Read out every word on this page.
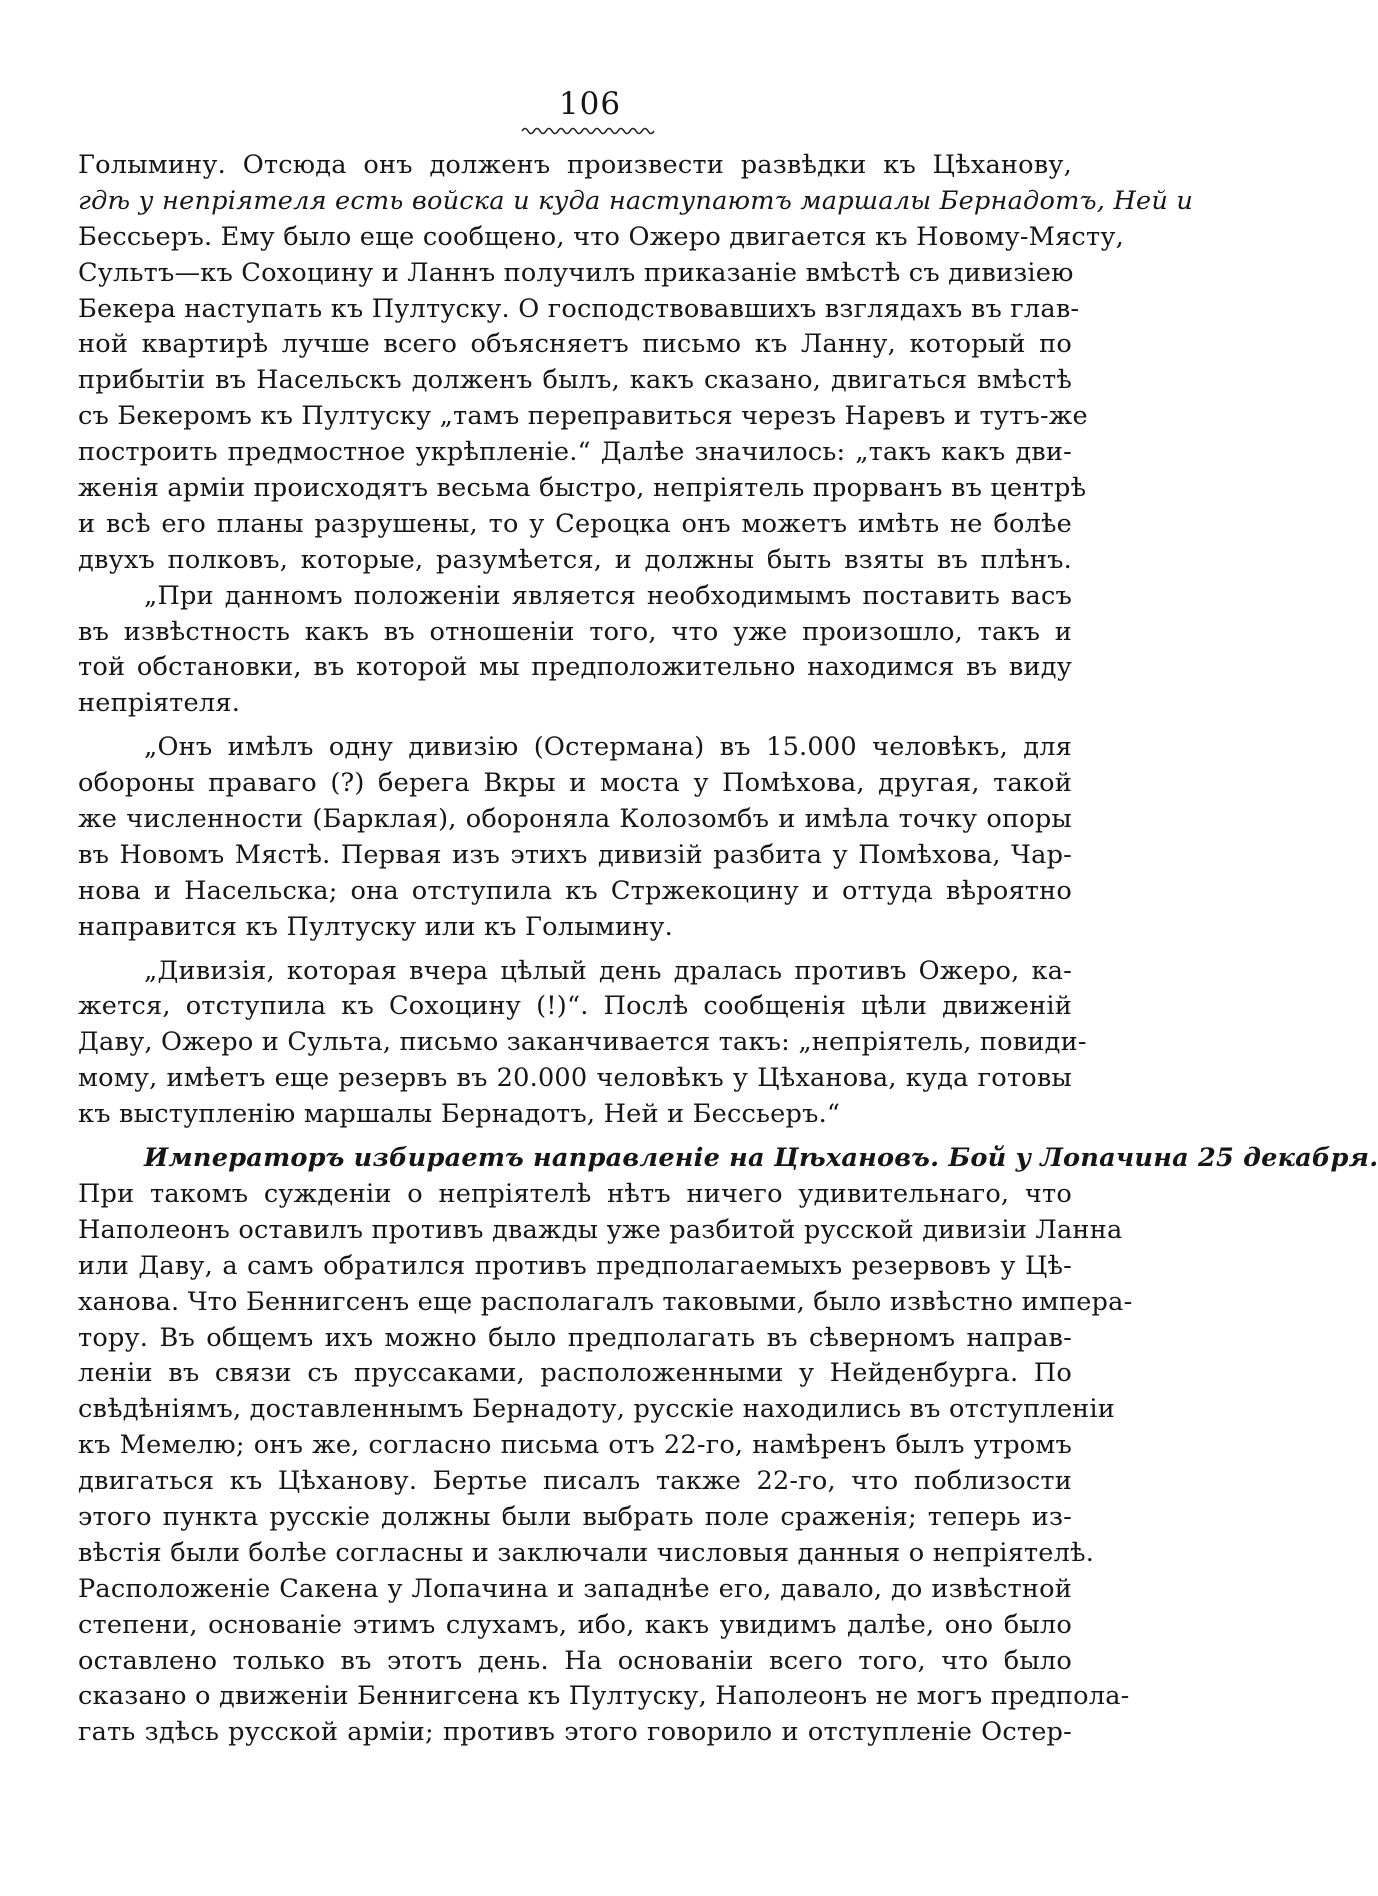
106
Голымину. Отсюда онъ долженъ произвести развѣдки къ Цѣханову,
гдѣ у непріятеля есть войска и куда наступаютъ маршалы Бернадотъ, Ней и
Бессьеръ. Ему было еще сообщено, что Ожеро двигается къ Новому-Мясту,
Сультъ—къ Сохоцину и Ланнъ получилъ приказаніе вмѣстѣ съ дивизіею
Бекера наступать къ Пултуску. О господствовавшихъ взглядахъ въ глав-
ной квартирѣ лучше всего объясняетъ письмо къ Ланну, который по
прибытіи въ Насельскъ долженъ былъ, какъ сказано, двигаться вмѣстѣ
съ Бекеромъ къ Пултуску „тамъ переправиться черезъ Наревъ и тутъ-же
построить предмостное укрѣпленіе.“ Далѣе значилось: „такъ какъ дви-
женія арміи происходятъ весьма быстро, непріятель прорванъ въ центрѣ
и всѣ его планы разрушены, то у Сероцка онъ можетъ имѣть не болѣе
двухъ полковъ, которые, разумѣется, и должны быть взяты въ плѣнъ.
„При данномъ положеніи является необходимымъ поставить васъ
въ извѣстность какъ въ отношеніи того, что уже произошло, такъ и
той обстановки, въ которой мы предположительно находимся въ виду
непріятеля.
„Онъ имѣлъ одну дивизію (Остермана) въ 15.000 человѣкъ, для
обороны праваго (?) берега Вкры и моста у Помѣхова, другая, такой
же численности (Барклая), обороняла Колозомбъ и имѣла точку опоры
въ Новомъ Мястѣ. Первая изъ этихъ дивизій разбита у Помѣхова, Чар-
нова и Насельска; она отступила къ Стржекоцину и оттуда вѣроятно
направится къ Пултуску или къ Голымину.
„Дивизія, которая вчера цѣлый день дралась противъ Ожеро, ка-
жется, отступила къ Сохоцину (!)“. Послѣ сообщенія цѣли движеній
Даву, Ожеро и Сульта, письмо заканчивается такъ: „непріятель, повиди-
мому, имѣетъ еще резервъ въ 20.000 человѣкъ у Цѣханова, куда готовы
къ выступленію маршалы Бернадотъ, Ней и Бессьеръ.“
Императоръ избираетъ направленіе на Цѣхановъ. Бой у Лопачина 25 декабря.
При такомъ сужденіи о непріятелѣ нѣтъ ничего удивительнаго, что
Наполеонъ оставилъ противъ дважды уже разбитой русской дивизіи Ланна
или Даву, а самъ обратился противъ предполагаемыхъ резервовъ у Цѣ-
ханова. Что Беннигсенъ еще располагалъ таковыми, было извѣстно импера-
тору. Въ общемъ ихъ можно было предполагать въ сѣверномъ направ-
леніи въ связи съ пруссаками, расположенными у Нейденбурга. По
свѣдѣніямъ, доставленнымъ Бернадоту, русскіе находились въ отступленіи
къ Мемелю; онъ же, согласно письма отъ 22-го, намѣренъ былъ утромъ
двигаться къ Цѣханову. Бертье писалъ также 22-го, что поблизости
этого пункта русскіе должны были выбрать поле сраженія; теперь из-
вѣстія были болѣе согласны и заключали числовыя данныя о непріятелѣ.
Расположеніе Сакена у Лопачина и западнѣе его, давало, до извѣстной
степени, основаніе этимъ слухамъ, ибо, какъ увидимъ далѣе, оно было
оставлено только въ этотъ день. На основаніи всего того, что было
сказано о движеніи Беннигсена къ Пултуску, Наполеонъ не могъ предпола-
гать здѣсь русской арміи; противъ этого говорило и отступленіе Остер-
